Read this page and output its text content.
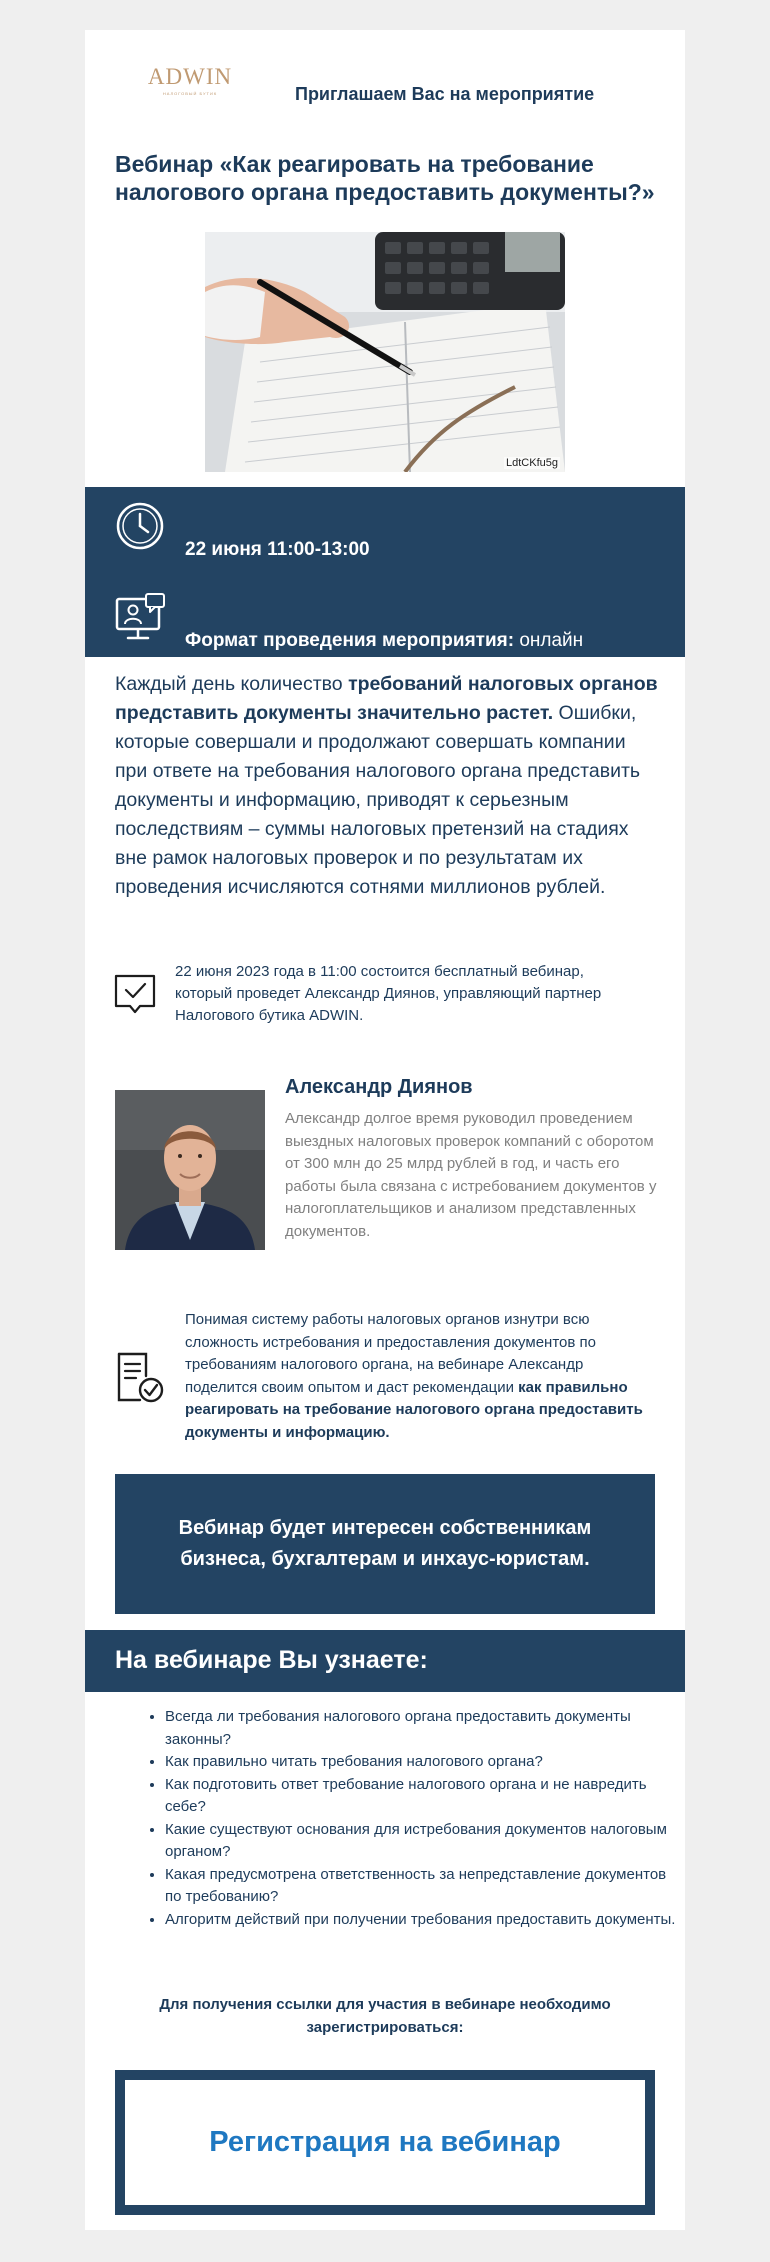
ADWIN
НАЛОГОВЫЙ БУТИК	Приглашаем Вас на мероприятие
Вебинар «Как реагировать на требование налогового органа предоставить документы?»
LdtCKfu5g
22 июня 11:00-13:00
Формат проведения мероприятия: онлайн
Каждый день количество требований налоговых органов представить документы значительно растет. Ошибки, которые совершали и продолжают совершать компании при ответе на требования налогового органа представить документы и информацию, приводят к серьезным последствиям – суммы налоговых претензий на стадиях вне рамок налоговых проверок и по результатам их проведения исчисляются сотнями миллионов рублей.
22 июня 2023 года в 11:00 состоится бесплатный вебинар, который проведет Александр Диянов, управляющий партнер Налогового бутика ADWIN.
Александр Диянов
Александр долгое время руководил проведением выездных налоговых проверок компаний с оборотом от 300 млн до 25 млрд рублей в год, и часть его работы была связана с истребованием документов у налогоплательщиков и анализом представленных документов.
Понимая систему работы налоговых органов изнутри всю сложность истребования и предоставления документов по требованиям налогового органа, на вебинаре Александр поделится своим опытом и даст рекомендации как правильно реагировать на требование налогового органа предоставить документы и информацию.
Вебинар будет интересен собственникам бизнеса, бухгалтерам и инхаус-юристам.
На вебинаре Вы узнаете:
• Всегда ли требования налогового органа предоставить документы законны?
• Как правильно читать требования налогового органа?
• Как подготовить ответ требование налогового органа и не навредить себе?
• Какие существуют основания для истребования документов налоговым органом?
• Какая предусмотрена ответственность за непредставление документов по требованию?
• Алгоритм действий при получении требования предоставить документы.
Для получения ссылки для участия в вебинаре необходимо зарегистрироваться:
Регистрация на вебинар
